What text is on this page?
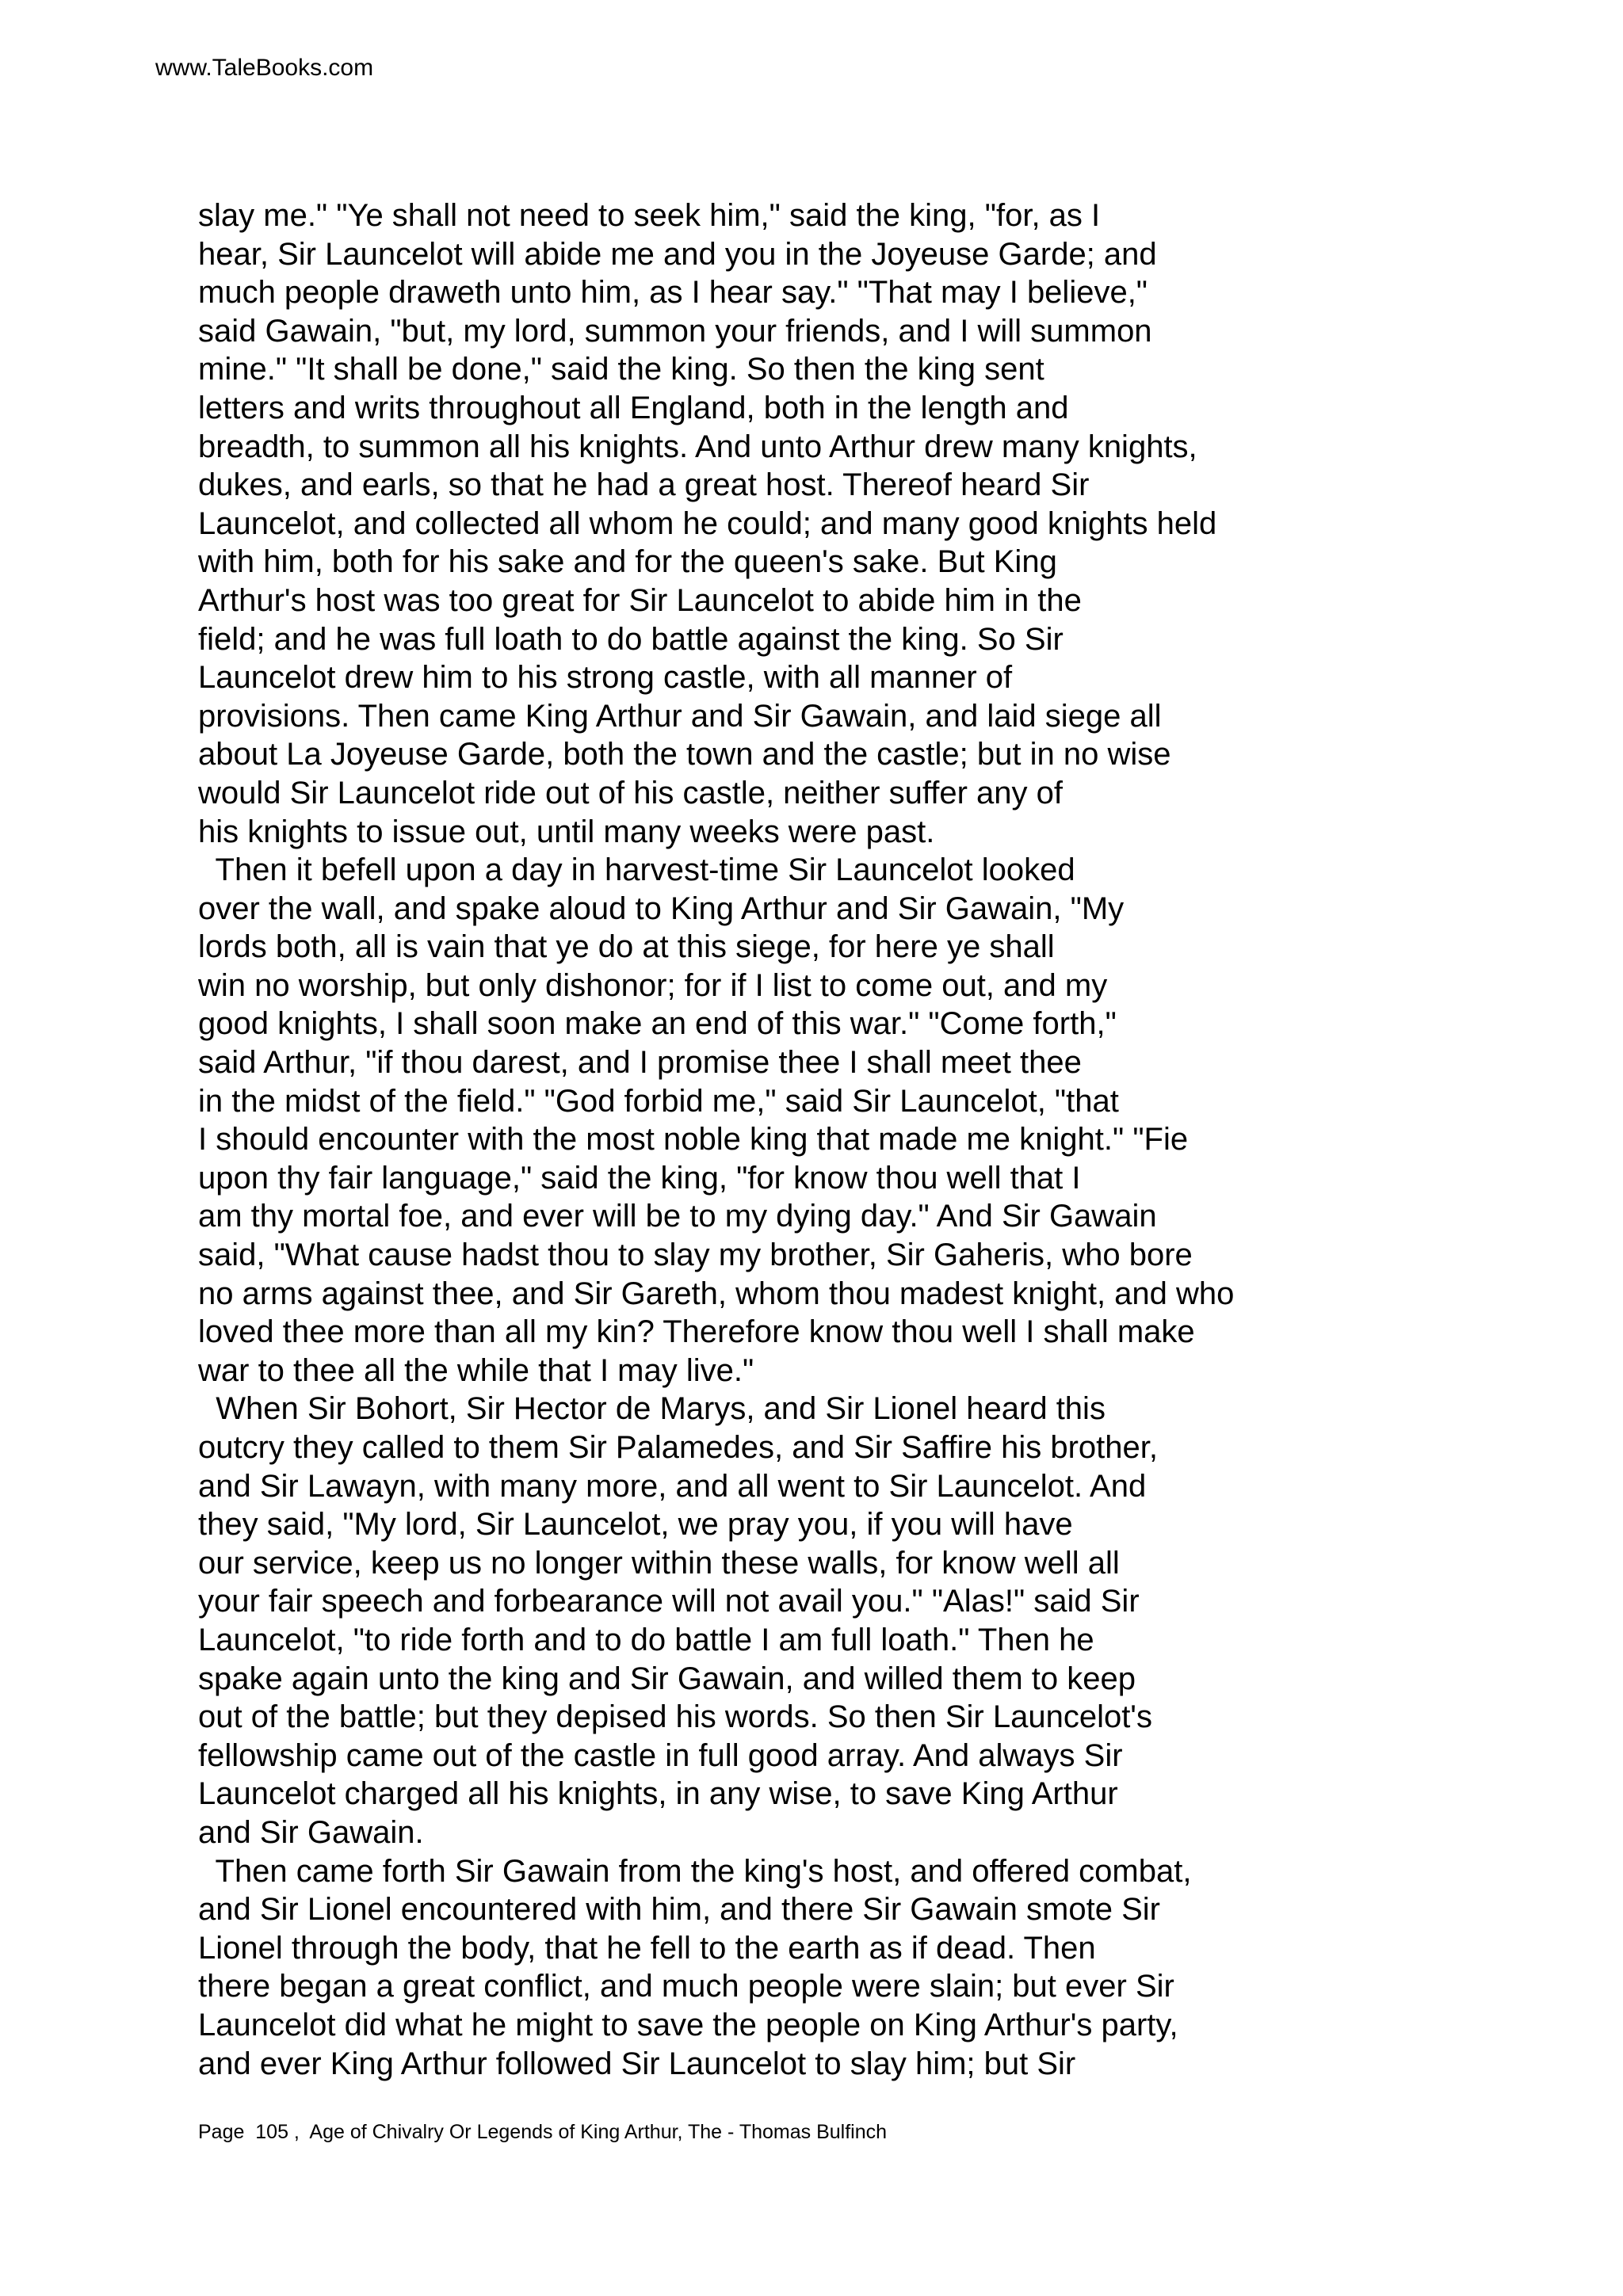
www.TaleBooks.com
slay me." "Ye shall not need to seek him," said the king, "for, as I
hear, Sir Launcelot will abide me and you in the Joyeuse Garde; and
much people draweth unto him, as I hear say." "That may I believe,"
said Gawain, "but, my lord, summon your friends, and I will summon
mine." "It shall be done," said the king. So then the king sent
letters and writs throughout all England, both in the length and
breadth, to summon all his knights. And unto Arthur drew many knights,
dukes, and earls, so that he had a great host. Thereof heard Sir
Launcelot, and collected all whom he could; and many good knights held
with him, both for his sake and for the queen's sake. But King
Arthur's host was too great for Sir Launcelot to abide him in the
field; and he was full loath to do battle against the king. So Sir
Launcelot drew him to his strong castle, with all manner of
provisions. Then came King Arthur and Sir Gawain, and laid siege all
about La Joyeuse Garde, both the town and the castle; but in no wise
would Sir Launcelot ride out of his castle, neither suffer any of
his knights to issue out, until many weeks were past.
Then it befell upon a day in harvest-time Sir Launcelot looked
over the wall, and spake aloud to King Arthur and Sir Gawain, "My
lords both, all is vain that ye do at this siege, for here ye shall
win no worship, but only dishonor; for if I list to come out, and my
good knights, I shall soon make an end of this war." "Come forth,"
said Arthur, "if thou darest, and I promise thee I shall meet thee
in the midst of the field." "God forbid me," said Sir Launcelot, "that
I should encounter with the most noble king that made me knight." "Fie
upon thy fair language," said the king, "for know thou well that I
am thy mortal foe, and ever will be to my dying day." And Sir Gawain
said, "What cause hadst thou to slay my brother, Sir Gaheris, who bore
no arms against thee, and Sir Gareth, whom thou madest knight, and who
loved thee more than all my kin? Therefore know thou well I shall make
war to thee all the while that I may live."
When Sir Bohort, Sir Hector de Marys, and Sir Lionel heard this
outcry they called to them Sir Palamedes, and Sir Saffire his brother,
and Sir Lawayn, with many more, and all went to Sir Launcelot. And
they said, "My lord, Sir Launcelot, we pray you, if you will have
our service, keep us no longer within these walls, for know well all
your fair speech and forbearance will not avail you." "Alas!" said Sir
Launcelot, "to ride forth and to do battle I am full loath." Then he
spake again unto the king and Sir Gawain, and willed them to keep
out of the battle; but they depised his words. So then Sir Launcelot's
fellowship came out of the castle in full good array. And always Sir
Launcelot charged all his knights, in any wise, to save King Arthur
and Sir Gawain.
Then came forth Sir Gawain from the king's host, and offered combat,
and Sir Lionel encountered with him, and there Sir Gawain smote Sir
Lionel through the body, that he fell to the earth as if dead. Then
there began a great conflict, and much people were slain; but ever Sir
Launcelot did what he might to save the people on King Arthur's party,
and ever King Arthur followed Sir Launcelot to slay him; but Sir
Page  105 ,  Age of Chivalry Or Legends of King Arthur, The - Thomas Bulfinch
